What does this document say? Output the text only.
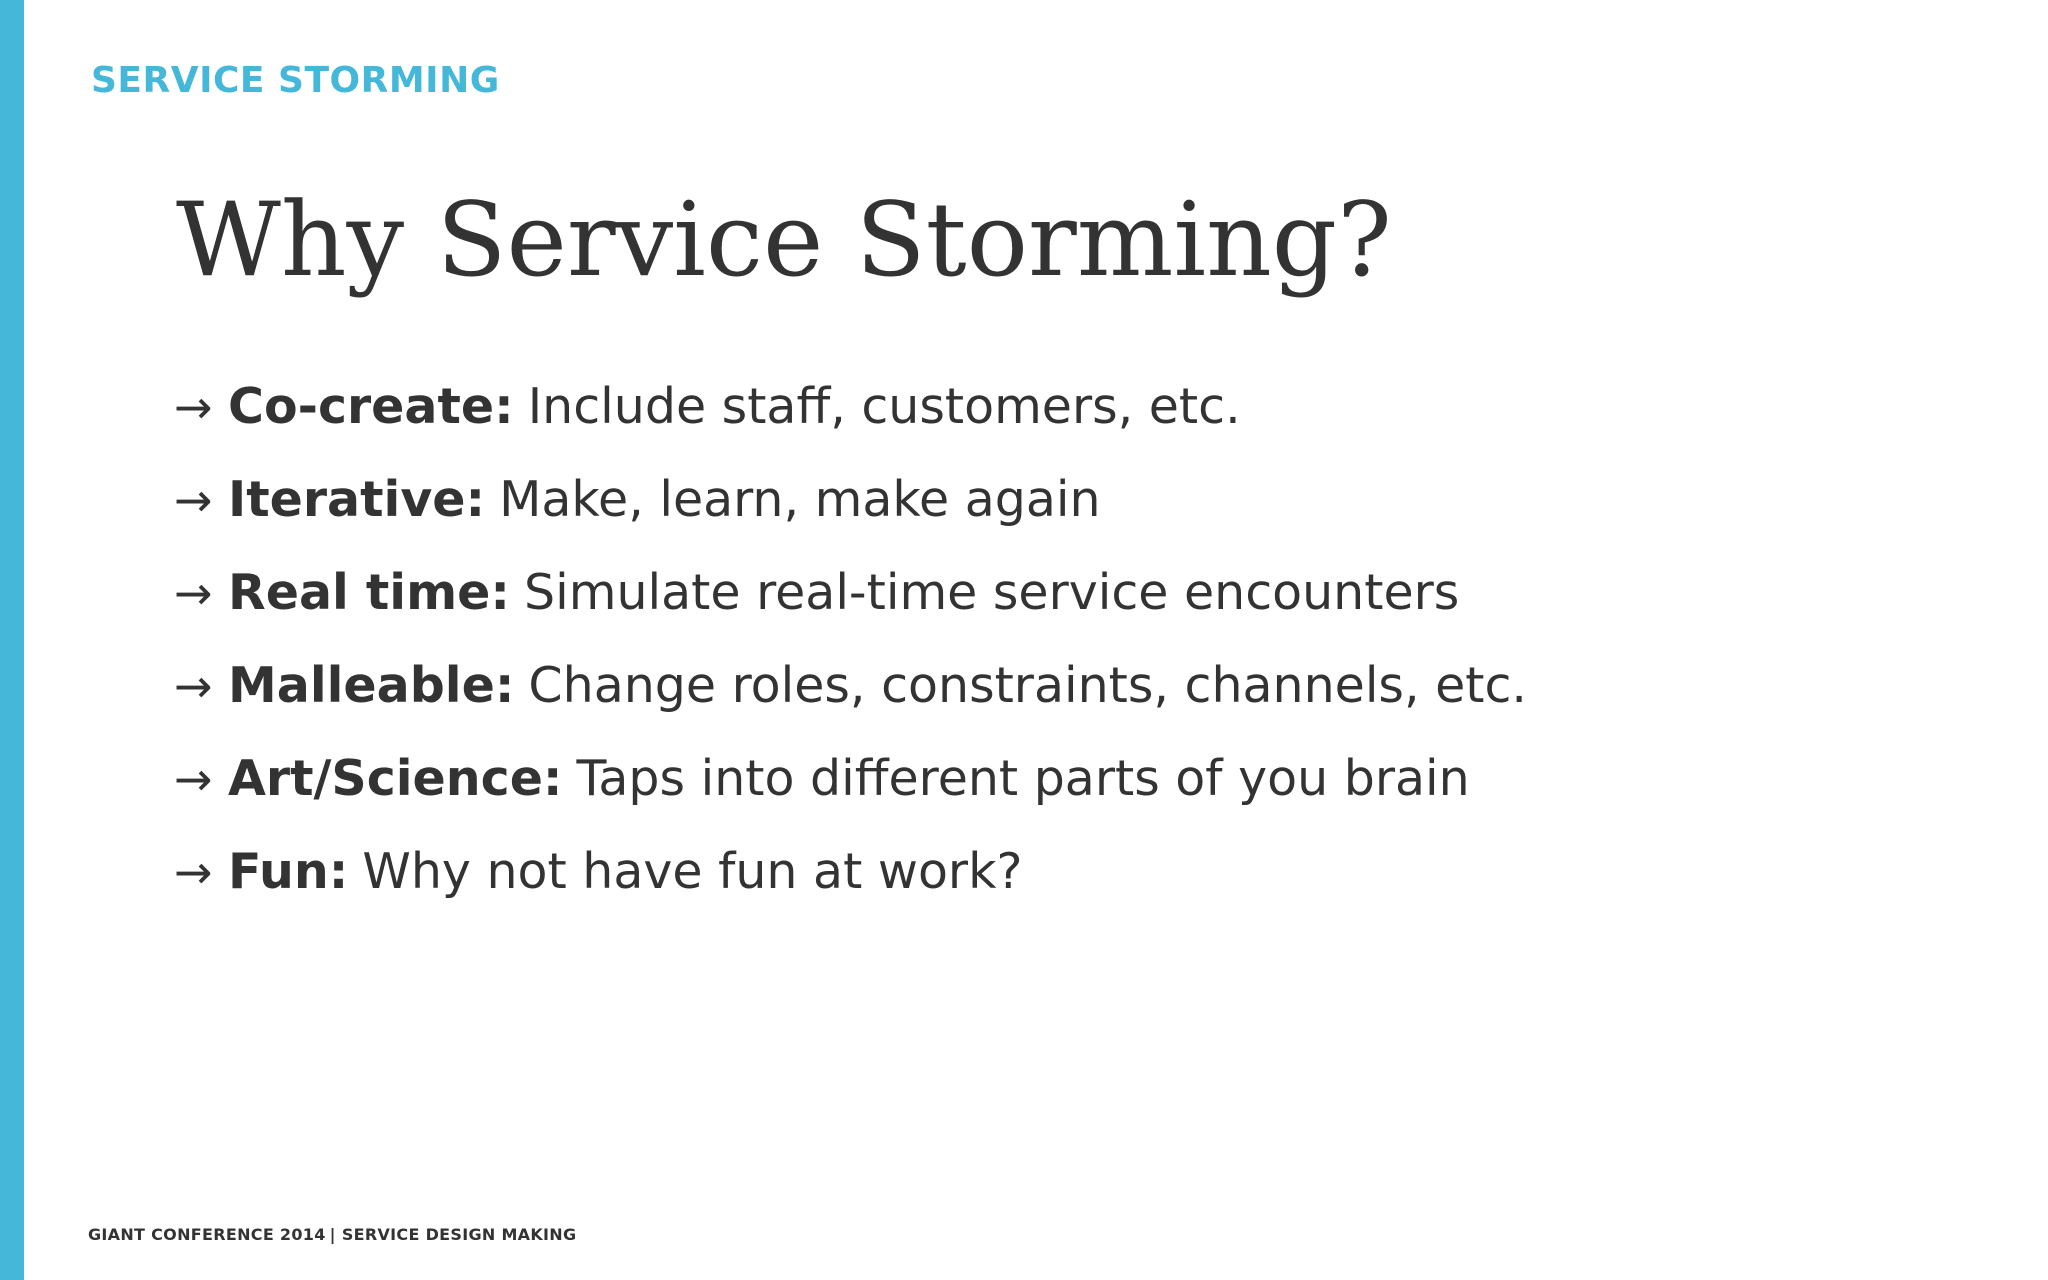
SERVICE STORMING
Why Service Storming?
→ Co-create: Include staff, customers, etc.
→ Iterative: Make, learn, make again
→ Real time: Simulate real-time service encounters
→ Malleable: Change roles, constraints, channels, etc.
→ Art/Science: Taps into different parts of you brain
→ Fun: Why not have fun at work?
GIANT CONFERENCE 2014 | SERVICE DESIGN MAKING
